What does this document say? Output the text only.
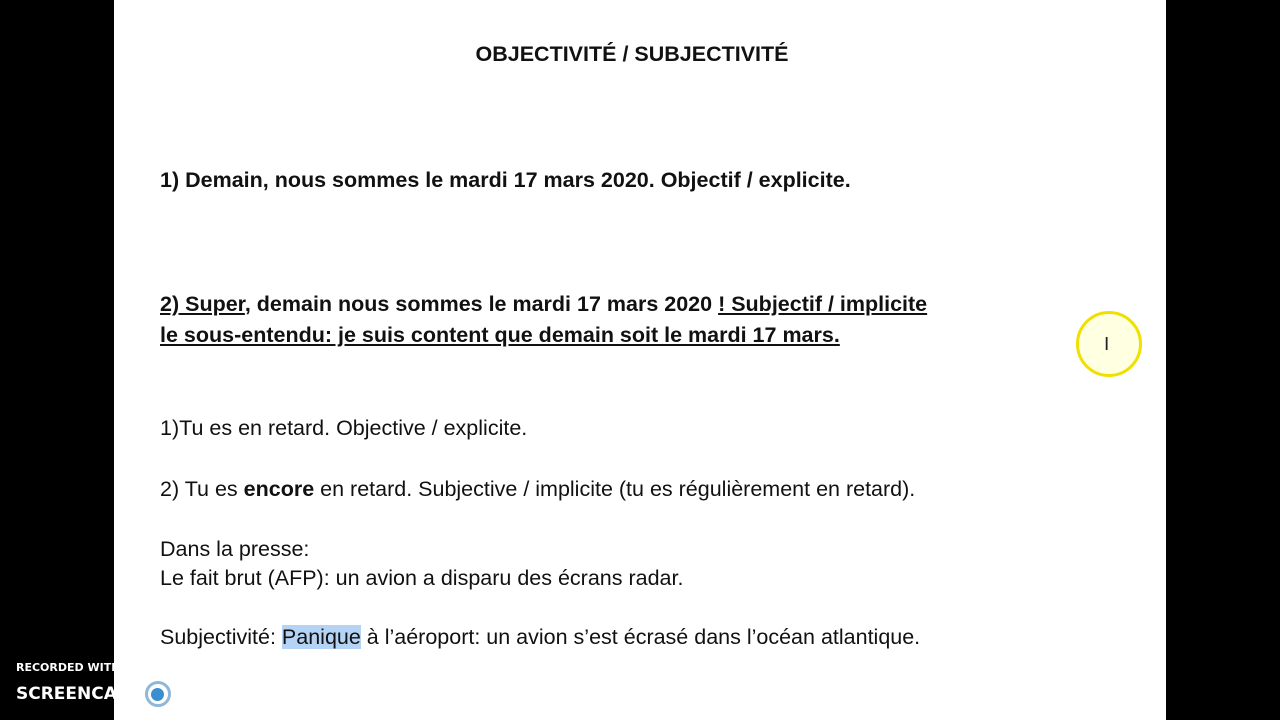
OBJECTIVITÉ / SUBJECTIVITÉ
1) Demain, nous sommes le mardi 17 mars 2020. Objectif / explicite.
2) Super, demain nous sommes le mardi 17 mars 2020 ! Subjectif / implicite
le sous-entendu: je suis content que demain soit le mardi 17 mars.
1)Tu es en retard. Objective / explicite.
2) Tu es encore en retard. Subjective / implicite (tu es régulièrement en retard).
Dans la presse:
Le fait brut (AFP): un avion a disparu des écrans radar.
Subjectivité: Panique à l’aéroport: un avion s’est écrasé dans l’océan atlantique.
I
RECORDED WITH
SCREENCAST MATIC
